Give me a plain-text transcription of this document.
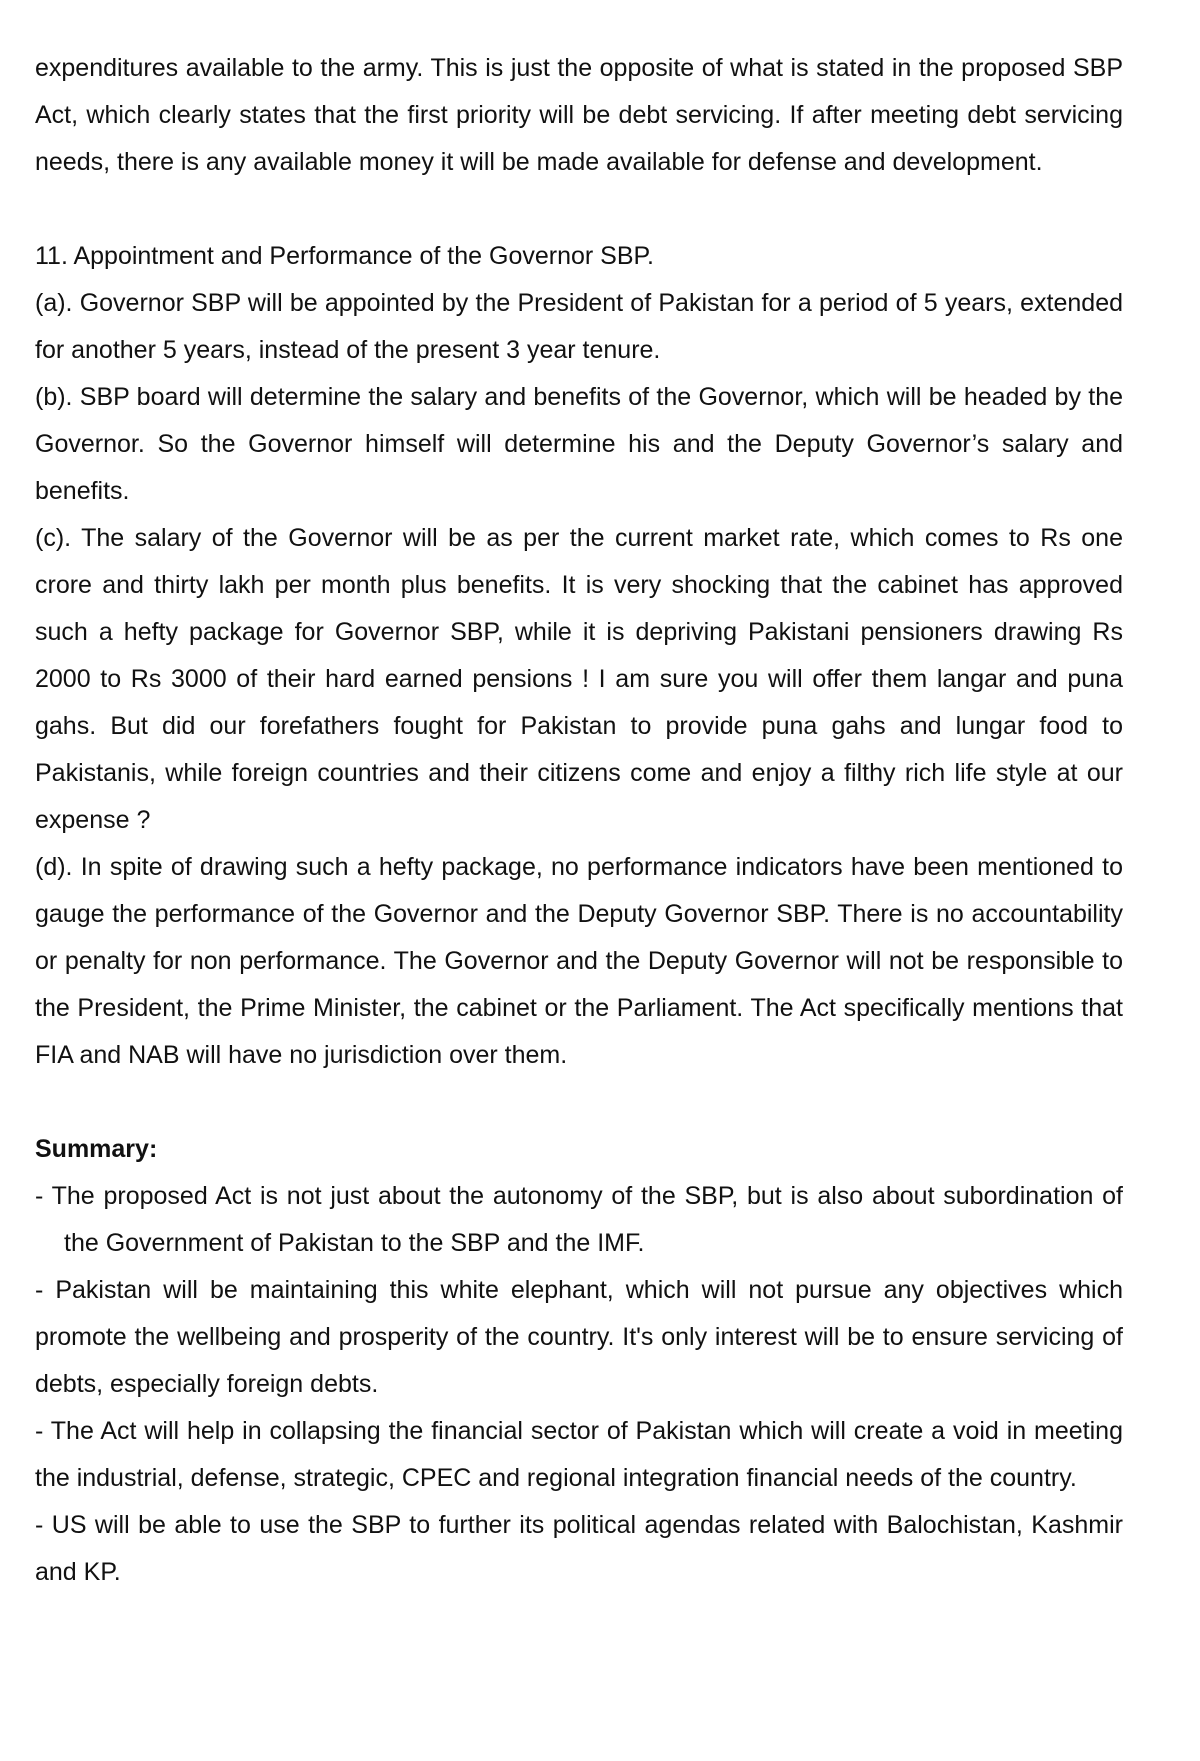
expenditures available to the army. This is just the opposite of what is stated in the proposed SBP Act, which clearly states that the first priority will be debt servicing. If after meeting debt servicing needs, there is any available money it will be made available for defense and development.

11. Appointment and Performance of the Governor SBP.

(a). Governor SBP will be appointed by the President of Pakistan for a period of 5 years, extended for another 5 years, instead of the present 3 year tenure.

(b). SBP board will determine the salary and benefits of the Governor, which will be headed by the Governor. So the Governor himself will determine his and the Deputy Governor’s salary and benefits.

(c). The salary of the Governor will be as per the current market rate, which comes to Rs one crore and thirty lakh per month plus benefits. It is very shocking that the cabinet has approved such a hefty package for Governor SBP, while it is depriving Pakistani pensioners drawing Rs 2000 to Rs 3000 of their hard earned pensions ! I am sure you will offer them langar and puna gahs. But did our forefathers fought for Pakistan to provide puna gahs and lungar food to Pakistanis, while foreign countries and their citizens come and enjoy a filthy rich life style at our expense ?

(d). In spite of drawing such a hefty package, no performance indicators have been mentioned to gauge the performance of the Governor and the Deputy Governor SBP. There is no accountability or penalty for non performance. The Governor and the Deputy Governor will not be responsible to the President, the Prime Minister, the cabinet or the Parliament. The Act specifically mentions that FIA and NAB will have no jurisdiction over them.

Summary:

- The proposed Act is not just about the autonomy of the SBP, but is also about subordination of the Government of Pakistan to the SBP and the IMF.

- Pakistan will be maintaining this white elephant, which will not pursue any objectives which promote the wellbeing and prosperity of the country. It's only interest will be to ensure servicing of debts, especially foreign debts.

- The Act will help in collapsing the financial sector of Pakistan which will create a void in meeting the industrial, defense, strategic, CPEC and regional integration financial needs of the country.

- US will be able to use the SBP to further its political agendas related with Balochistan, Kashmir and KP.
